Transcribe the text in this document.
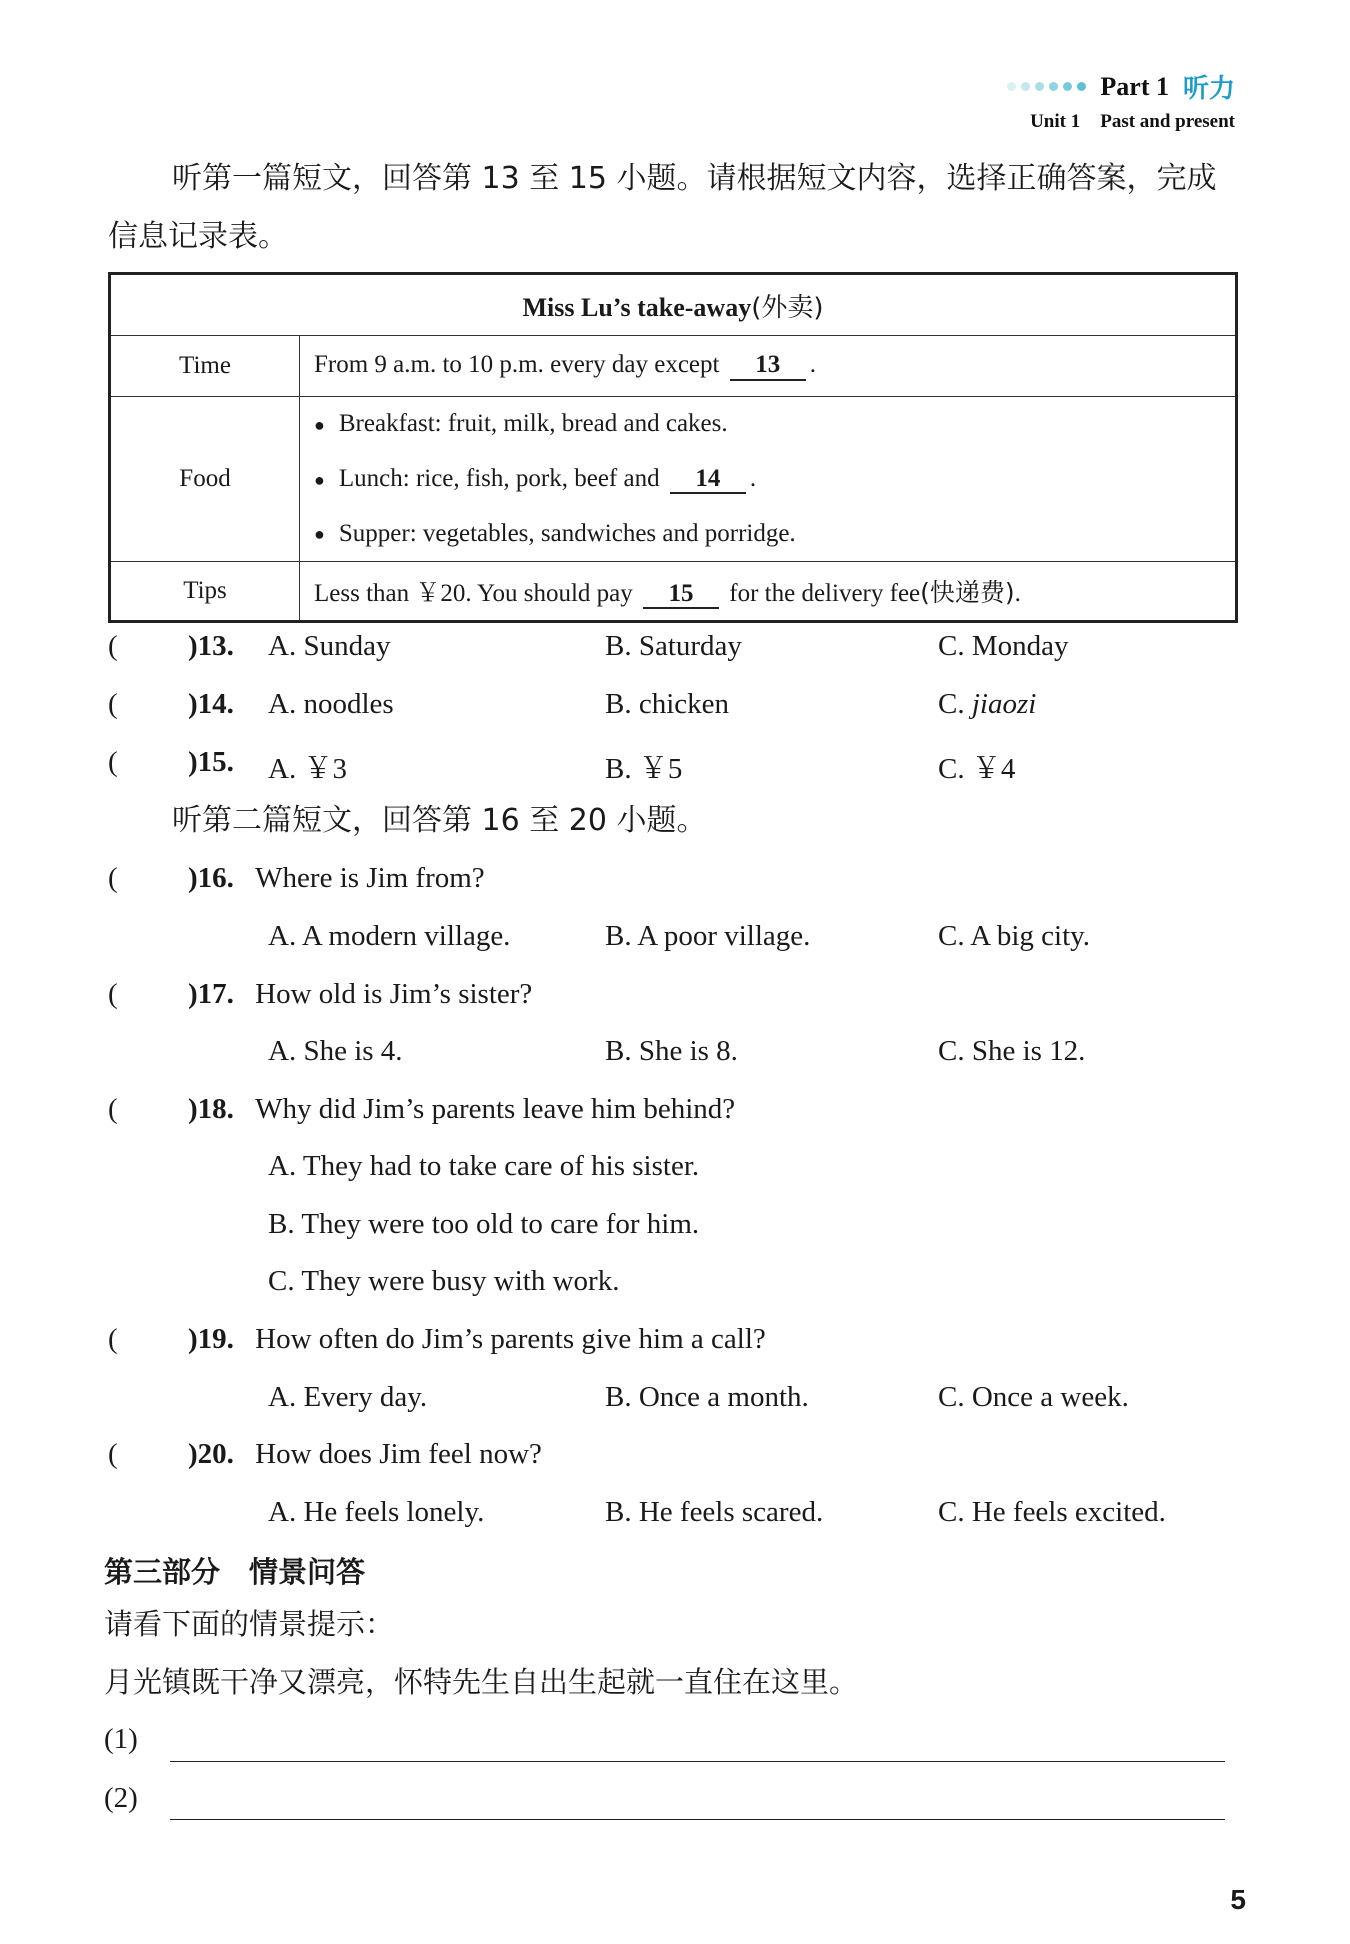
Part 1 听力
Unit 1 Past and present
听第一篇短文，回答第 13 至 15 小题。请根据短文内容，选择正确答案，完成信息记录表。
Miss Lu’s take-away(外卖)	
Time	From 9 a.m. to 10 p.m. every day except 13 .
Food	● Breakfast: fruit, milk, bread and cakes.
● Lunch: rice, fish, pork, beef and 14 .
● Supper: vegetables, sandwiches and porridge.

Tips	Less than ￥20. You should pay 15 for the delivery fee(快递费).
( )13. A. Sunday	B. Saturday	C. Monday
( )14. A. noodles	B. chicken	C. jiaozi
( )15. A. ￥3	B. ￥5	C. ￥4
听第二篇短文，回答第 16 至 20 小题。
( )16. Where is Jim from?
A. A modern village.	B. A poor village.	C. A big city.
( )17. How old is Jim’s sister?
A. She is 4.	B. She is 8.	C. She is 12.
( )18. Why did Jim’s parents leave him behind?
A. They had to take care of his sister.
B. They were too old to care for him.
C. They were busy with work.
( )19. How often do Jim’s parents give him a call?
A. Every day.	B. Once a month.	C. Once a week.
( )20. How does Jim feel now?
A. He feels lonely.	B. He feels scared.	C. He feels excited.
第三部分　情景问答
请看下面的情景提示：
月光镇既干净又漂亮，怀特先生自出生起就一直住在这里。
(1)
(2)
5
